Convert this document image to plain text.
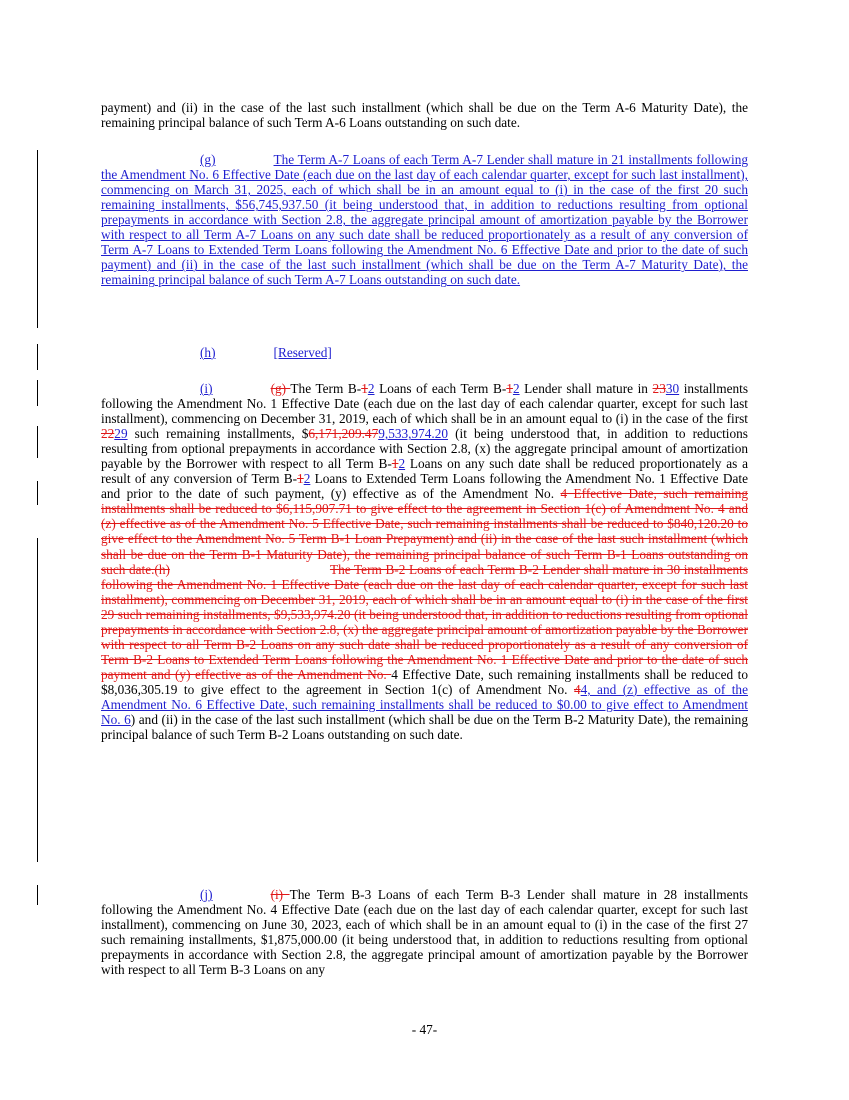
payment) and (ii) in the case of the last such installment (which shall be due on the Term A-6 Maturity Date), the remaining principal balance of such Term A-6 Loans outstanding on such date.
(g)	The Term A-7 Loans of each Term A-7 Lender shall mature in 21 installments following the Amendment No. 6 Effective Date (each due on the last day of each calendar quarter, except for such last installment), commencing on March 31, 2025, each of which shall be in an amount equal to (i) in the case of the first 20 such remaining installments, $56,745,937.50 (it being understood that, in addition to reductions resulting from optional prepayments in accordance with Section 2.8, the aggregate principal amount of amortization payable by the Borrower with respect to all Term A-7 Loans on any such date shall be reduced proportionately as a result of any conversion of Term A-7 Loans to Extended Term Loans following the Amendment No. 6 Effective Date and prior to the date of such payment) and (ii) in the case of the last such installment (which shall be due on the Term A-7 Maturity Date), the remaining principal balance of such Term A-7 Loans outstanding on such date.
(h)	[Reserved]
(i)	(g) The Term B-12 Loans of each Term B-12 Lender shall mature in 2330 installments following the Amendment No. 1 Effective Date (each due on the last day of each calendar quarter, except for such last installment), commencing on December 31, 2019, each of which shall be in an amount equal to (i) in the case of the first 2229 such remaining installments, $6,171,209.479,533,974.20 (it being understood that, in addition to reductions resulting from optional prepayments in accordance with Section 2.8, (x) the aggregate principal amount of amortization payable by the Borrower with respect to all Term B-12 Loans on any such date shall be reduced proportionately as a result of any conversion of Term B-12 Loans to Extended Term Loans following the Amendment No. 1 Effective Date and prior to the date of such payment, (y) effective as of the Amendment No. 4 Effective Date, such remaining installments shall be reduced to $6,115,907.71 to give effect to the agreement in Section 1(c) of Amendment No. 4 and (z) effective as of the Amendment No. 5 Effective Date, such remaining installments shall be reduced to $840,120.20 to give effect to the Amendment No. 5 Term B-1 Loan Prepayment) and (ii) in the case of the last such installment (which shall be due on the Term B-1 Maturity Date), the remaining principal balance of such Term B-1 Loans outstanding on such date.(h)	The Term B-2 Loans of each Term B-2 Lender shall mature in 30 installments following the Amendment No. 1 Effective Date (each due on the last day of each calendar quarter, except for such last installment), commencing on December 31, 2019, each of which shall be in an amount equal to (i) in the case of the first 29 such remaining installments, $9,533,974.20 (it being understood that, in addition to reductions resulting from optional prepayments in accordance with Section 2.8, (x) the aggregate principal amount of amortization payable by the Borrower with respect to all Term B-2 Loans on any such date shall be reduced proportionately as a result of any conversion of Term B-2 Loans to Extended Term Loans following the Amendment No. 1 Effective Date and prior to the date of such payment and (y) effective as of the Amendment No. 4 Effective Date, such remaining installments shall be reduced to $8,036,305.19 to give effect to the agreement in Section 1(c) of Amendment No. 44, and (z) effective as of the Amendment No. 6 Effective Date, such remaining installments shall be reduced to $0.00 to give effect to Amendment No. 6) and (ii) in the case of the last such installment (which shall be due on the Term B-2 Maturity Date), the remaining principal balance of such Term B-2 Loans outstanding on such date.
(j)	(i) The Term B-3 Loans of each Term B-3 Lender shall mature in 28 installments following the Amendment No. 4 Effective Date (each due on the last day of each calendar quarter, except for such last installment), commencing on June 30, 2023, each of which shall be in an amount equal to (i) in the case of the first 27 such remaining installments, $1,875,000.00 (it being understood that, in addition to reductions resulting from optional prepayments in accordance with Section 2.8, the aggregate principal amount of amortization payable by the Borrower with respect to all Term B-3 Loans on any
- 47-
